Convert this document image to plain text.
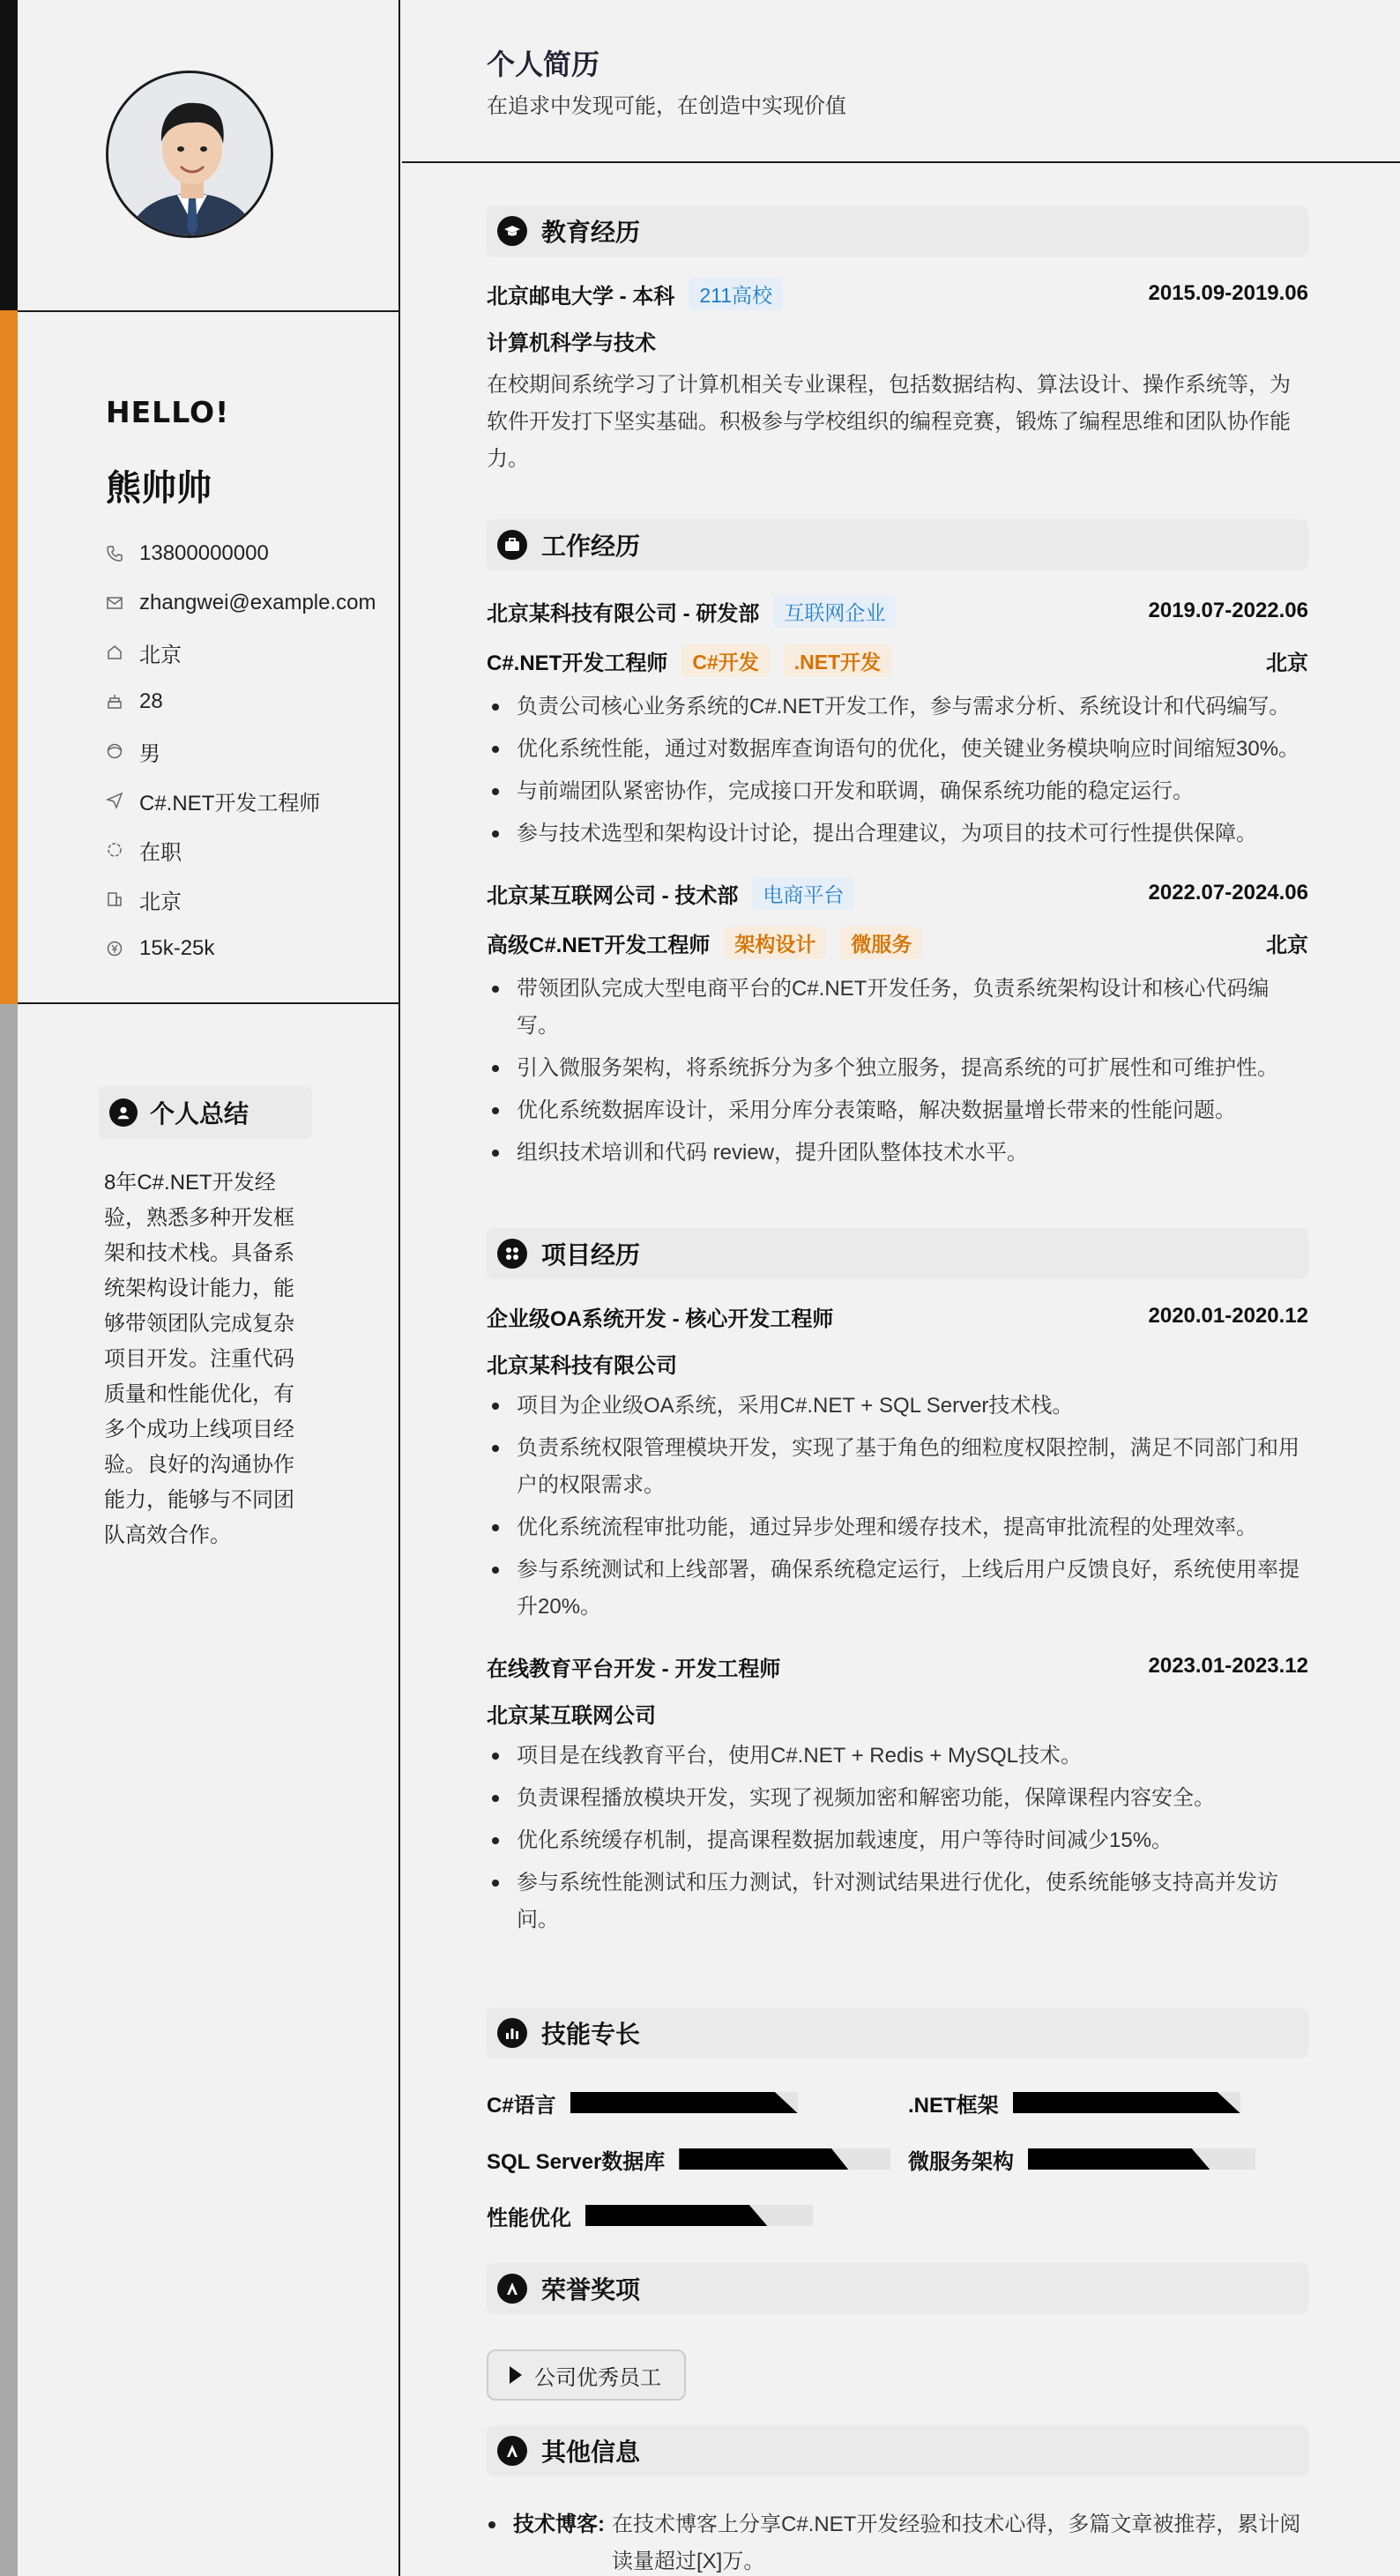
HELLO!
熊帅帅
13800000000
zhangwei@example.com
北京
28
男
C#.NET开发工程师
在职
北京
15k-25k
个人总结

8年C#.NET开发经验，熟悉多种开发框架和技术栈。具备系统架构设计能力，能够带领团队完成复杂项目开发。注重代码质量和性能优化，有多个成功上线项目经验。良好的沟通协作能力，能够与不同团队高效合作。

个人简历
在追求中发现可能，在创造中实现价值
教育经历
北京邮电大学 - 本科	211高校	2015.09-2019.06
计算机科学与技术

在校期间系统学习了计算机相关专业课程，包括数据结构、算法设计、操作系统等，为软件开发打下坚实基础。积极参与学校组织的编程竞赛，锻炼了编程思维和团队协作能力。

工作经历
北京某科技有限公司 - 研发部	互联网企业	2019.07-2022.06
C#.NET开发工程师	C#开发	.NET开发	北京
负责公司核心业务系统的C#.NET开发工作，参与需求分析、系统设计和代码编写。
优化系统性能，通过对数据库查询语句的优化，使关键业务模块响应时间缩短30%。
与前端团队紧密协作，完成接口开发和联调，确保系统功能的稳定运行。
参与技术选型和架构设计讨论，提出合理建议，为项目的技术可行性提供保障。
北京某互联网公司 - 技术部	电商平台	2022.07-2024.06
高级C#.NET开发工程师	架构设计	微服务	北京
带领团队完成大型电商平台的C#.NET开发任务，负责系统架构设计和核心代码编写。
引入微服务架构，将系统拆分为多个独立服务，提高系统的可扩展性和可维护性。
优化系统数据库设计，采用分库分表策略，解决数据量增长带来的性能问题。
组织技术培训和代码 review，提升团队整体技术水平。
项目经历
企业级OA系统开发 - 核心开发工程师	2020.01-2020.12
北京某科技有限公司
项目为企业级OA系统，采用C#.NET + SQL Server技术栈。
负责系统权限管理模块开发，实现了基于角色的细粒度权限控制，满足不同部门和用户的权限需求。
优化系统流程审批功能，通过异步处理和缓存技术，提高审批流程的处理效率。
参与系统测试和上线部署，确保系统稳定运行，上线后用户反馈良好，系统使用率提升20%。
在线教育平台开发 - 开发工程师	2023.01-2023.12
北京某互联网公司
项目是在线教育平台，使用C#.NET + Redis + MySQL技术。
负责课程播放模块开发，实现了视频加密和解密功能，保障课程内容安全。
优化系统缓存机制，提高课程数据加载速度，用户等待时间减少15%。
参与系统性能测试和压力测试，针对测试结果进行优化，使系统能够支持高并发访问。
技能专长
C#语言	.NET框架
SQL Server数据库	微服务架构
性能优化
荣誉奖项
公司优秀员工
其他信息
技术博客: 在技术博客上分享C#.NET开发经验和技术心得，多篇文章被推荐，累计阅读量超过[X]万。
